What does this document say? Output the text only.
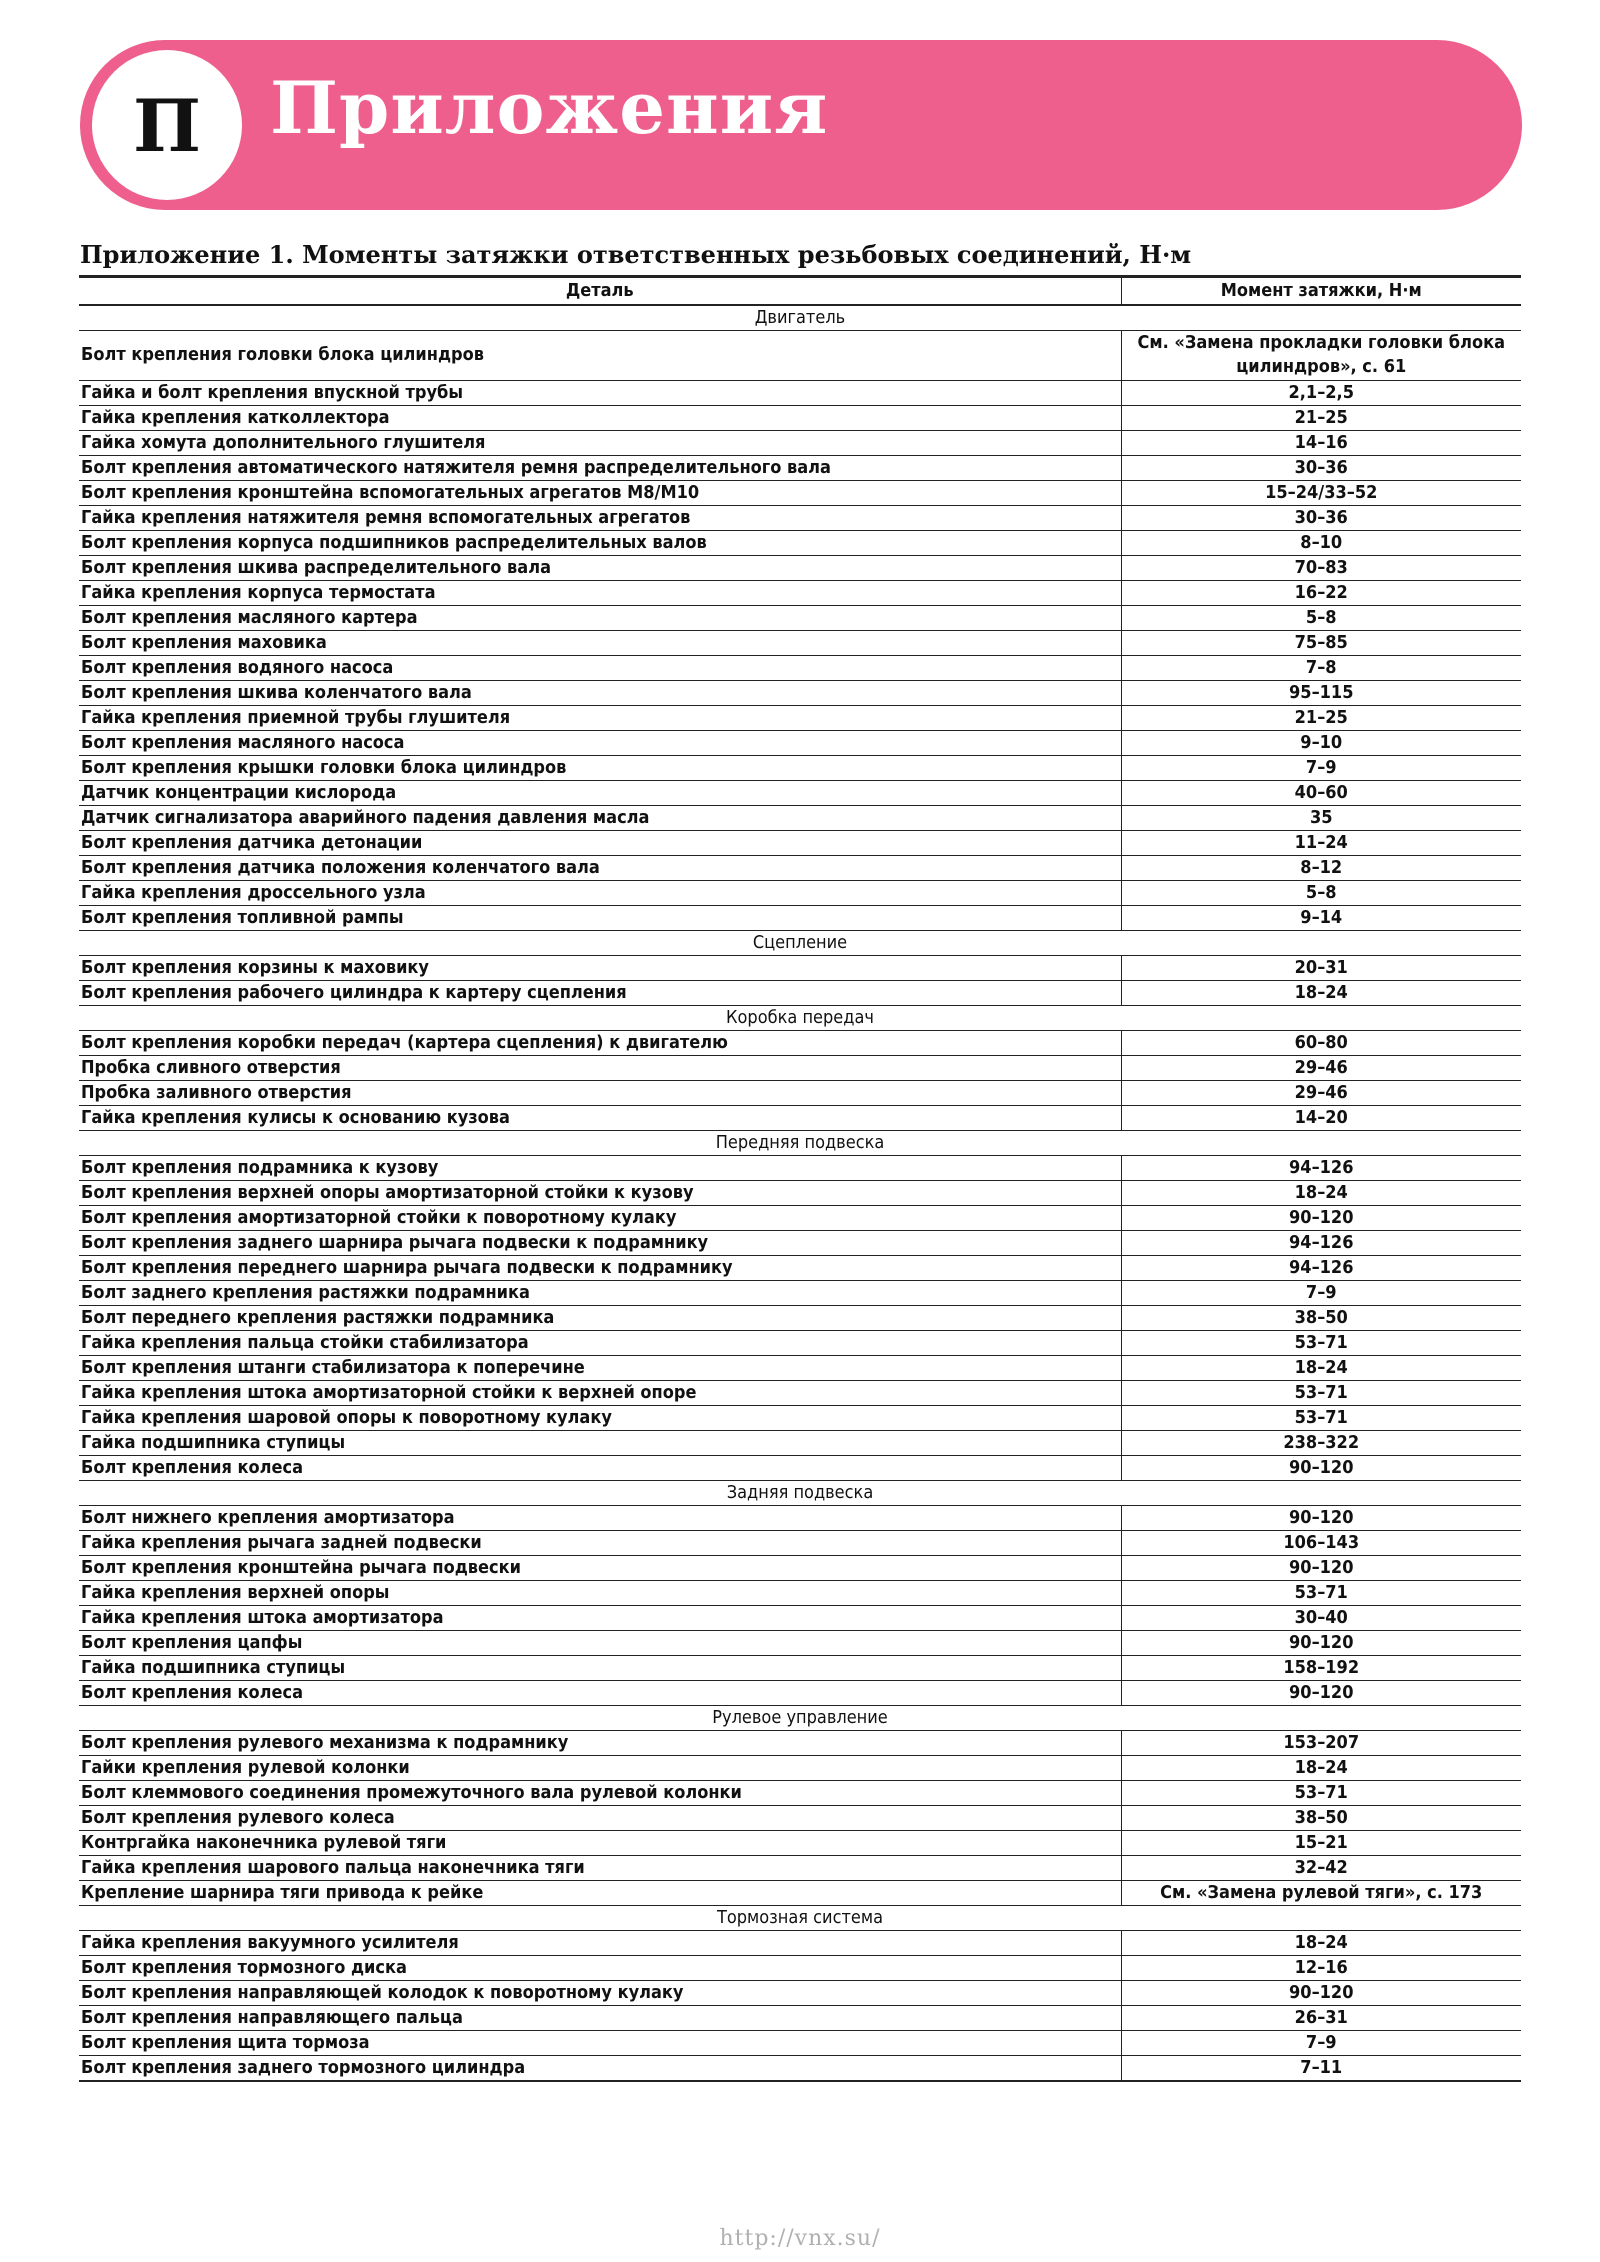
П Приложения
Приложение 1. Моменты затяжки ответственных резьбовых соединений, Н·м
Деталь	Момент затяжки, Н·м
Двигатель	
Болт крепления головки блока цилиндров	См. «Замена прокладки головки блока цилиндров», с. 61
Гайка и болт крепления впускной трубы	2,1–2,5
Гайка крепления катколлектора	21–25
Гайка хомута дополнительного глушителя	14–16
Болт крепления автоматического натяжителя ремня распределительного вала	30–36
Болт крепления кронштейна вспомогательных агрегатов М8/М10	15–24/33–52
Гайка крепления натяжителя ремня вспомогательных агрегатов	30–36
Болт крепления корпуса подшипников распределительных валов	8–10
Болт крепления шкива распределительного вала	70–83
Гайка крепления корпуса термостата	16–22
Болт крепления масляного картера	5–8
Болт крепления маховика	75–85
Болт крепления водяного насоса	7–8
Болт крепления шкива коленчатого вала	95–115
Гайка крепления приемной трубы глушителя	21–25
Болт крепления масляного насоса	9–10
Болт крепления крышки головки блока цилиндров	7–9
Датчик концентрации кислорода	40–60
Датчик сигнализатора аварийного падения давления масла	35
Болт крепления датчика детонации	11–24
Болт крепления датчика положения коленчатого вала	8–12
Гайка крепления дроссельного узла	5–8
Болт крепления топливной рампы	9–14
Сцепление	
Болт крепления корзины к маховику	20–31
Болт крепления рабочего цилиндра к картеру сцепления	18–24
Коробка передач	
Болт крепления коробки передач (картера сцепления) к двигателю	60–80
Пробка сливного отверстия	29–46
Пробка заливного отверстия	29–46
Гайка крепления кулисы к основанию кузова	14–20
Передняя подвеска	
Болт крепления подрамника к кузову	94–126
Болт крепления верхней опоры амортизаторной стойки к кузову	18–24
Болт крепления амортизаторной стойки к поворотному кулаку	90–120
Болт крепления заднего шарнира рычага подвески к подрамнику	94–126
Болт крепления переднего шарнира рычага подвески к подрамнику	94–126
Болт заднего крепления растяжки подрамника	7–9
Болт переднего крепления растяжки подрамника	38–50
Гайка крепления пальца стойки стабилизатора	53–71
Болт крепления штанги стабилизатора к поперечине	18–24
Гайка крепления штока амортизаторной стойки к верхней опоре	53–71
Гайка крепления шаровой опоры к поворотному кулаку	53–71
Гайка подшипника ступицы	238–322
Болт крепления колеса	90–120
Задняя подвеска	
Болт нижнего крепления амортизатора	90–120
Гайка крепления рычага задней подвески	106–143
Болт крепления кронштейна рычага подвески	90–120
Гайка крепления верхней опоры	53–71
Гайка крепления штока амортизатора	30–40
Болт крепления цапфы	90–120
Гайка подшипника ступицы	158–192
Болт крепления колеса	90–120
Рулевое управление	
Болт крепления рулевого механизма к подрамнику	153–207
Гайки крепления рулевой колонки	18–24
Болт клеммового соединения промежуточного вала рулевой колонки	53–71
Болт крепления рулевого колеса	38–50
Контргайка наконечника рулевой тяги	15–21
Гайка крепления шарового пальца наконечника тяги	32–42
Крепление шарнира тяги привода к рейке	См. «Замена рулевой тяги», с. 173
Тормозная система	
Гайка крепления вакуумного усилителя	18–24
Болт крепления тормозного диска	12–16
Болт крепления направляющей колодок к поворотному кулаку	90–120
Болт крепления направляющего пальца	26–31
Болт крепления щита тормоза	7–9
Болт крепления заднего тормозного цилиндра	7–11
http://vnx.su/
